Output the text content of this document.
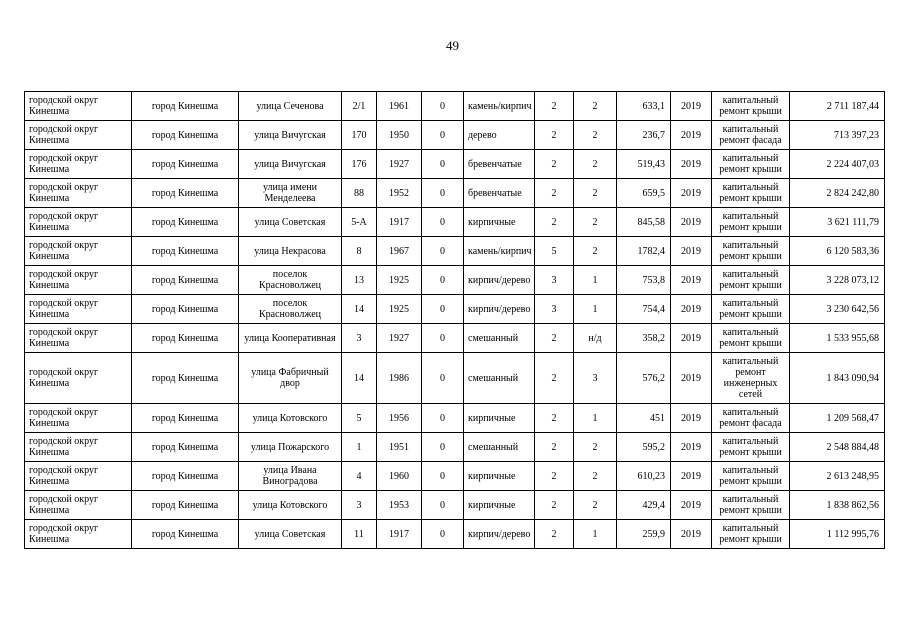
49
городской округ Кинешма	город Кинешма	улица Сеченова	2/1	1961	0	камень/кирпич	2	2	633,1	2019	капитальный ремонт крыши	2 711 187,44
городской округ Кинешма	город Кинешма	улица Вичугская	170	1950	0	дерево	2	2	236,7	2019	капитальный ремонт фасада	713 397,23
городской округ Кинешма	город Кинешма	улица Вичугская	176	1927	0	бревенчатые	2	2	519,43	2019	капитальный ремонт крыши	2 224 407,03
городской округ Кинешма	город Кинешма	улица имени Менделеева	88	1952	0	бревенчатые	2	2	659,5	2019	капитальный ремонт крыши	2 824 242,80
городской округ Кинешма	город Кинешма	улица Советская	5-А	1917	0	кирпичные	2	2	845,58	2019	капитальный ремонт крыши	3 621 111,79
городской округ Кинешма	город Кинешма	улица Некрасова	8	1967	0	камень/кирпич	5	2	1782,4	2019	капитальный ремонт крыши	6 120 583,36
городской округ Кинешма	город Кинешма	поселок Красноволжец	13	1925	0	кирпич/дерево	3	1	753,8	2019	капитальный ремонт крыши	3 228 073,12
городской округ Кинешма	город Кинешма	поселок Красноволжец	14	1925	0	кирпич/дерево	3	1	754,4	2019	капитальный ремонт крыши	3 230 642,56
городской округ Кинешма	город Кинешма	улица Кооперативная	3	1927	0	смешанный	2	н/д	358,2	2019	капитальный ремонт крыши	1 533 955,68
городской округ Кинешма	город Кинешма	улица Фабричный двор	14	1986	0	смешанный	2	3	576,2	2019	капитальный ремонт инженерных сетей	1 843 090,94
городской округ Кинешма	город Кинешма	улица Котовского	5	1956	0	кирпичные	2	1	451	2019	капитальный ремонт фасада	1 209 568,47
городской округ Кинешма	город Кинешма	улица Пожарского	1	1951	0	смешанный	2	2	595,2	2019	капитальный ремонт крыши	2 548 884,48
городской округ Кинешма	город Кинешма	улица Ивана Виноградова	4	1960	0	кирпичные	2	2	610,23	2019	капитальный ремонт крыши	2 613 248,95
городской округ Кинешма	город Кинешма	улица Котовского	3	1953	0	кирпичные	2	2	429,4	2019	капитальный ремонт крыши	1 838 862,56
городской округ Кинешма	город Кинешма	улица Советская	11	1917	0	кирпич/дерево	2	1	259,9	2019	капитальный ремонт крыши	1 112 995,76
